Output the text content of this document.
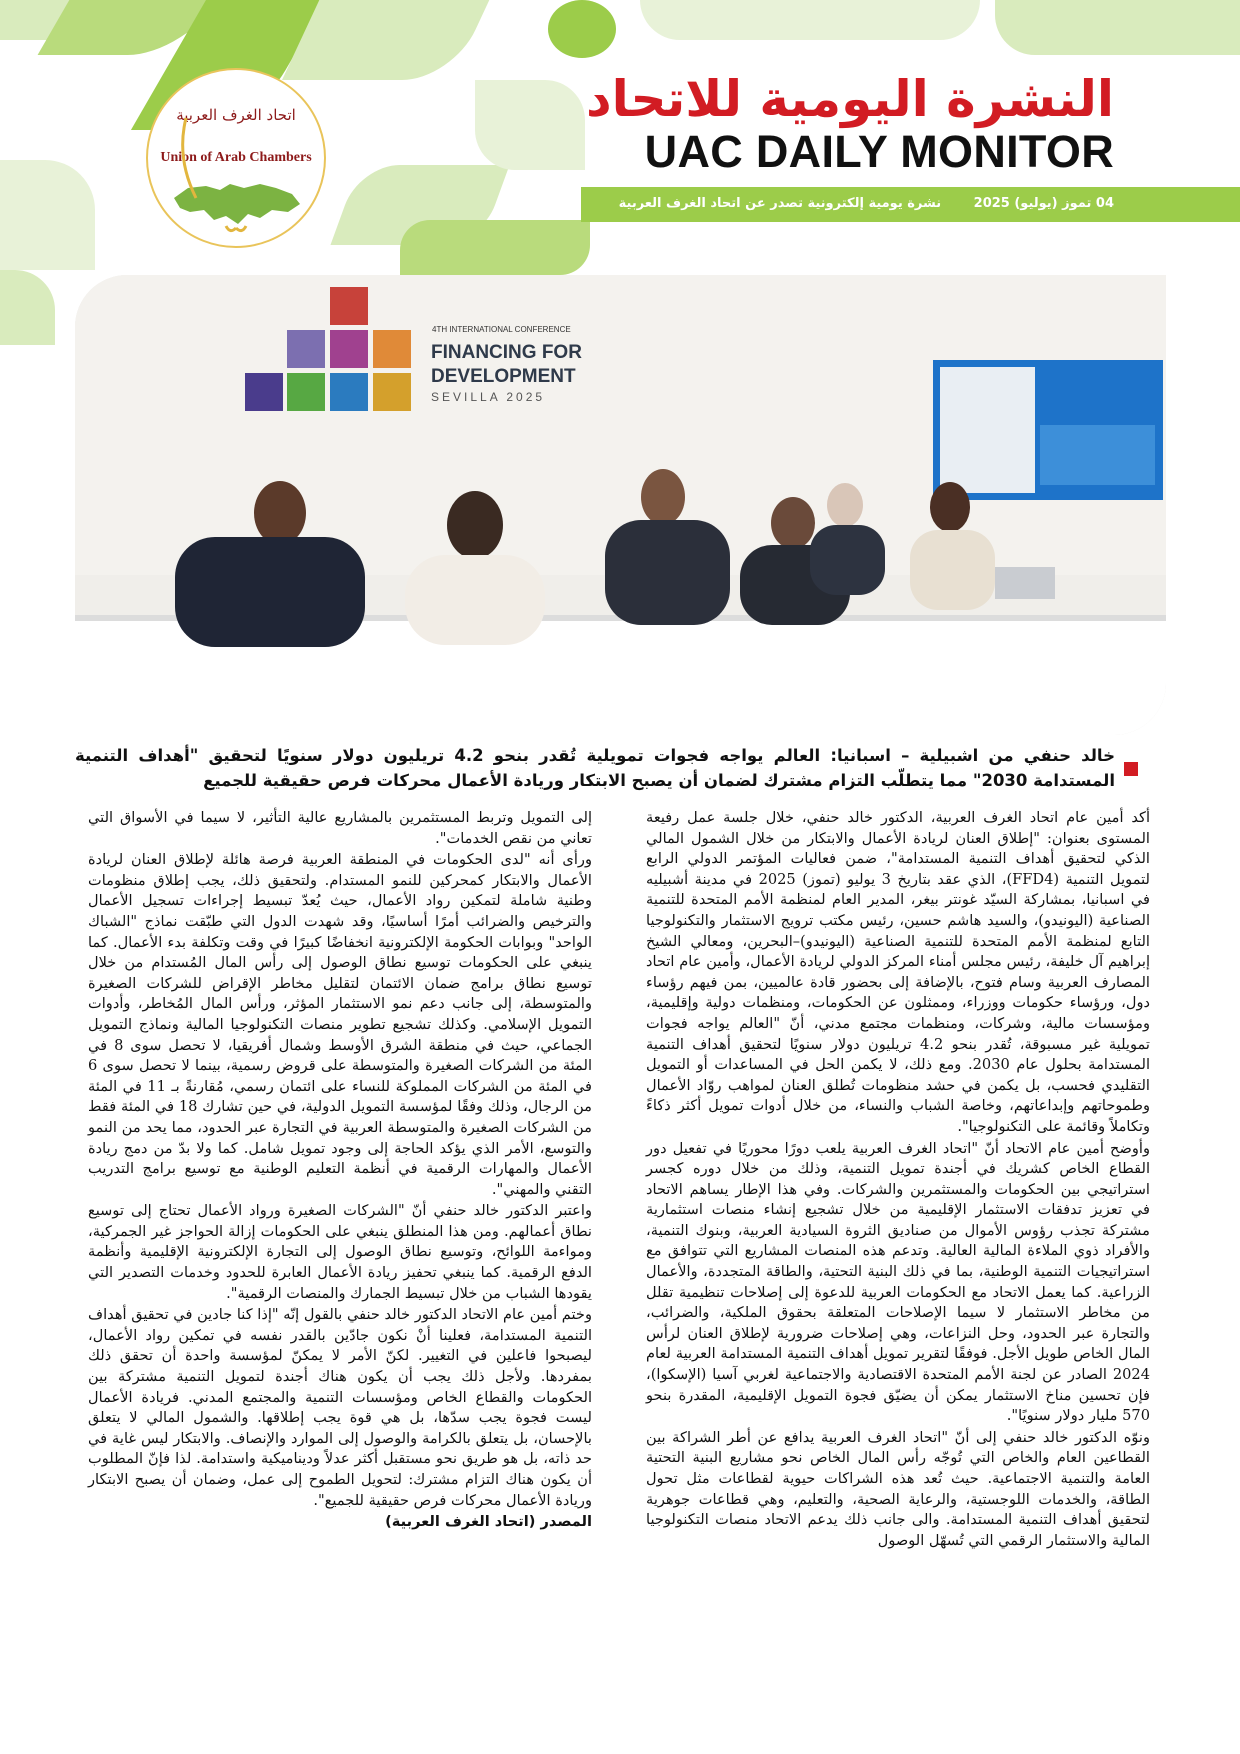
اتحاد الغرف العربية
Union of Arab Chambers
النشرة اليومية للاتحاد
UAC DAILY MONITOR
04 تموز (يوليو) 2025 نشرة يومية إلكترونية تصدر عن اتحاد الغرف العربية
4TH INTERNATIONAL CONFERENCE
FINANCING FOR
DEVELOPMENT
SEVILLA 2025
خالد حنفي من اشبيلية – اسبانيا: العالم يواجه فجوات تمويلية تُقدر بنحو 4.2 تريليون دولار سنويًا لتحقيق "أهداف التنمية المستدامة 2030" مما يتطلّب التزام مشترك لضمان أن يصبح الابتكار وريادة الأعمال محركات فرص حقيقية للجميع

أكد أمين عام اتحاد الغرف العربية، الدكتور خالد حنفي، خلال جلسة عمل رفيعة المستوى بعنوان: "إطلاق العنان لريادة الأعمال والابتكار من خلال الشمول المالي الذكي لتحقيق أهداف التنمية المستدامة"، ضمن فعاليات المؤتمر الدولي الرابع لتمويل التنمية (FFD4)، الذي عقد بتاريخ 3 يوليو (تموز) 2025 في مدينة أشبيليه في اسبانيا، بمشاركة السيّد غونتر بيغر، المدير العام لمنظمة الأمم المتحدة للتنمية الصناعية (اليونيدو)، والسيد هاشم حسين، رئيس مكتب ترويج الاستثمار والتكنولوجيا التابع لمنظمة الأمم المتحدة للتنمية الصناعية (اليونيدو)–البحرين، ومعالي الشيخ إبراهيم آل خليفة، رئيس مجلس أمناء المركز الدولي لريادة الأعمال، وأمين عام اتحاد المصارف العربية وسام فتوح، بالإضافة إلى بحضور قادة عالميين، بمن فيهم رؤساء دول، ورؤساء حكومات ووزراء، وممثلون عن الحكومات، ومنظمات دولية وإقليمية، ومؤسسات مالية، وشركات، ومنظمات مجتمع مدني، أنّ "العالم يواجه فجوات تمويلية غير مسبوقة، تُقدر بنحو 4.2 تريليون دولار سنويًا لتحقيق أهداف التنمية المستدامة بحلول عام 2030. ومع ذلك، لا يكمن الحل في المساعدات أو التمويل التقليدي فحسب، بل يكمن في حشد منظومات تُطلق العنان لمواهب روّاد الأعمال وطموحاتهم وإبداعاتهم، وخاصة الشباب والنساء، من خلال أدوات تمويل أكثر ذكاءً وتكاملاً وقائمة على التكنولوجيا".

وأوضح أمين عام الاتحاد أنّ "اتحاد الغرف العربية يلعب دورًا محوريًا في تفعيل دور القطاع الخاص كشريك في أجندة تمويل التنمية، وذلك من خلال دوره كجسر استراتيجي بين الحكومات والمستثمرين والشركات. وفي هذا الإطار يساهم الاتحاد في تعزيز تدفقات الاستثمار الإقليمية من خلال تشجيع إنشاء منصات استثمارية مشتركة تجذب رؤوس الأموال من صناديق الثروة السيادية العربية، وبنوك التنمية، والأفراد ذوي الملاءة المالية العالية. وتدعم هذه المنصات المشاريع التي تتوافق مع استراتيجيات التنمية الوطنية، بما في ذلك البنية التحتية، والطاقة المتجددة، والأعمال الزراعية. كما يعمل الاتحاد مع الحكومات العربية للدعوة إلى إصلاحات تنظيمية تقلل من مخاطر الاستثمار لا سيما الإصلاحات المتعلقة بحقوق الملكية، والضرائب، والتجارة عبر الحدود، وحل النزاعات، وهي إصلاحات ضرورية لإطلاق العنان لرأس المال الخاص طويل الأجل. فوفقًا لتقرير تمويل أهداف التنمية المستدامة العربية لعام 2024 الصادر عن لجنة الأمم المتحدة الاقتصادية والاجتماعية لغربي آسيا (الإسكوا)، فإن تحسين مناخ الاستثمار يمكن أن يضيّق فجوة التمويل الإقليمية، المقدرة بنحو 570 مليار دولار سنويًا".

ونوّه الدكتور خالد حنفي إلى أنّ "اتحاد الغرف العربية يدافع عن أطر الشراكة بين القطاعين العام والخاص التي تُوجّه رأس المال الخاص نحو مشاريع البنية التحتية العامة والتنمية الاجتماعية. حيث تُعد هذه الشراكات حيوية لقطاعات مثل تحول الطاقة، والخدمات اللوجستية، والرعاية الصحية، والتعليم، وهي قطاعات جوهرية لتحقيق أهداف التنمية المستدامة. والى جانب ذلك يدعم الاتحاد منصات التكنولوجيا المالية والاستثمار الرقمي التي تُسهّل الوصول

إلى التمويل وتربط المستثمرين بالمشاريع عالية التأثير، لا سيما في الأسواق التي تعاني من نقص الخدمات".

ورأى أنه "لدى الحكومات في المنطقة العربية فرصة هائلة لإطلاق العنان لريادة الأعمال والابتكار كمحركين للنمو المستدام. ولتحقيق ذلك، يجب إطلاق منظومات وطنية شاملة لتمكين رواد الأعمال، حيث يُعدّ تبسيط إجراءات تسجيل الأعمال والترخيص والضرائب أمرًا أساسيًا، وقد شهدت الدول التي طبّقت نماذج "الشباك الواحد" وبوابات الحكومة الإلكترونية انخفاضًا كبيرًا في وقت وتكلفة بدء الأعمال. كما ينبغي على الحكومات توسيع نطاق الوصول إلى رأس المال المُستدام من خلال توسيع نطاق برامج ضمان الائتمان لتقليل مخاطر الإقراض للشركات الصغيرة والمتوسطة، إلى جانب دعم نمو الاستثمار المؤثر، ورأس المال المُخاطر، وأدوات التمويل الإسلامي. وكذلك تشجيع تطوير منصات التكنولوجيا المالية ونماذج التمويل الجماعي، حيث في منطقة الشرق الأوسط وشمال أفريقيا، لا تحصل سوى 8 في المئة من الشركات الصغيرة والمتوسطة على قروض رسمية، بينما لا تحصل سوى 6 في المئة من الشركات المملوكة للنساء على ائتمان رسمي، مُقارنةً بـ 11 في المئة من الرجال، وذلك وفقًا لمؤسسة التمويل الدولية، في حين تشارك 18 في المئة فقط من الشركات الصغيرة والمتوسطة العربية في التجارة عبر الحدود، مما يحد من النمو والتوسع، الأمر الذي يؤكد الحاجة إلى وجود تمويل شامل. كما ولا بدّ من دمج ريادة الأعمال والمهارات الرقمية في أنظمة التعليم الوطنية مع توسيع برامج التدريب التقني والمهني".

واعتبر الدكتور خالد حنفي أنّ "الشركات الصغيرة ورواد الأعمال تحتاج إلى توسيع نطاق أعمالهم. ومن هذا المنطلق ينبغي على الحكومات إزالة الحواجز غير الجمركية، ومواءمة اللوائح، وتوسيع نطاق الوصول إلى التجارة الإلكترونية الإقليمية وأنظمة الدفع الرقمية. كما ينبغي تحفيز ريادة الأعمال العابرة للحدود وخدمات التصدير التي يقودها الشباب من خلال تبسيط الجمارك والمنصات الرقمية".

وختم أمين عام الاتحاد الدكتور خالد حنفي بالقول إنّه "إذا كنا جادين في تحقيق أهداف التنمية المستدامة، فعلينا أنْ نكون جادّين بالقدر نفسه في تمكين رواد الأعمال، ليصبحوا فاعلين في التغيير. لكنّ الأمر لا يمكنّ لمؤسسة واحدة أن تحقق ذلك بمفردها. ولأجل ذلك يجب أن يكون هناك أجندة لتمويل التنمية مشتركة بين الحكومات والقطاع الخاص ومؤسسات التنمية والمجتمع المدني. فريادة الأعمال ليست فجوة يجب سدّها، بل هي قوة يجب إطلاقها. والشمول المالي لا يتعلق بالإحسان، بل يتعلق بالكرامة والوصول إلى الموارد والإنصاف. والابتكار ليس غاية في حد ذاته، بل هو طريق نحو مستقبل أكثر عدلاً وديناميكية واستدامة. لذا فإنّ المطلوب أن يكون هناك التزام مشترك: لتحويل الطموح إلى عمل، وضمان أن يصبح الابتكار وريادة الأعمال محركات فرص حقيقية للجميع".

المصدر (اتحاد الغرف العربية)
